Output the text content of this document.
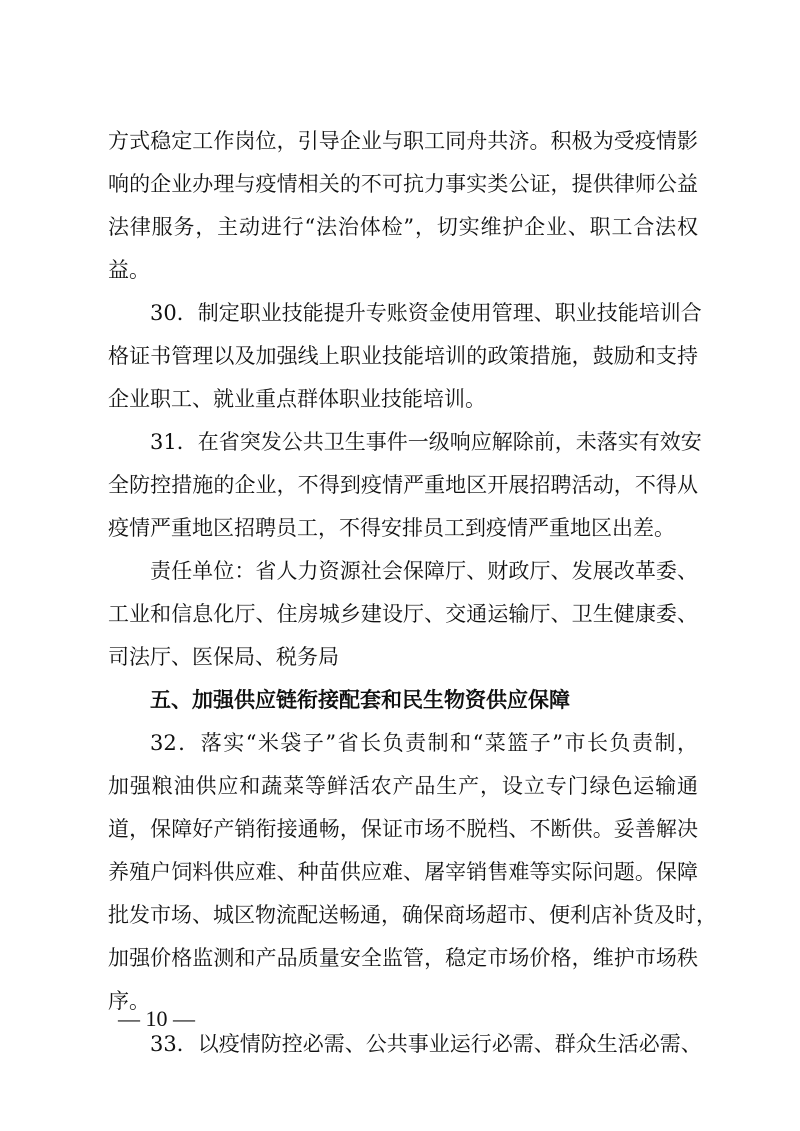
方式稳定工作岗位，引导企业与职工同舟共济。积极为受疫情影
响的企业办理与疫情相关的不可抗力事实类公证，提供律师公益
法律服务，主动进行“法治体检”，切实维护企业、职工合法权
益。
30．制定职业技能提升专账资金使用管理、职业技能培训合
格证书管理以及加强线上职业技能培训的政策措施，鼓励和支持
企业职工、就业重点群体职业技能培训。
31．在省突发公共卫生事件一级响应解除前，未落实有效安
全防控措施的企业，不得到疫情严重地区开展招聘活动，不得从
疫情严重地区招聘员工，不得安排员工到疫情严重地区出差。
责任单位：省人力资源社会保障厅、财政厅、发展改革委、
工业和信息化厅、住房城乡建设厅、交通运输厅、卫生健康委、
司法厅、医保局、税务局
五、加强供应链衔接配套和民生物资供应保障
32．落实“米袋子”省长负责制和“菜篮子”市长负责制，
加强粮油供应和蔬菜等鲜活农产品生产，设立专门绿色运输通
道，保障好产销衔接通畅，保证市场不脱档、不断供。妥善解决
养殖户饲料供应难、种苗供应难、屠宰销售难等实际问题。保障
批发市场、城区物流配送畅通，确保商场超市、便利店补货及时，
加强价格监测和产品质量安全监管，稳定市场价格，维护市场秩
序。
33．以疫情防控必需、公共事业运行必需、群众生活必需、
— 10 —
